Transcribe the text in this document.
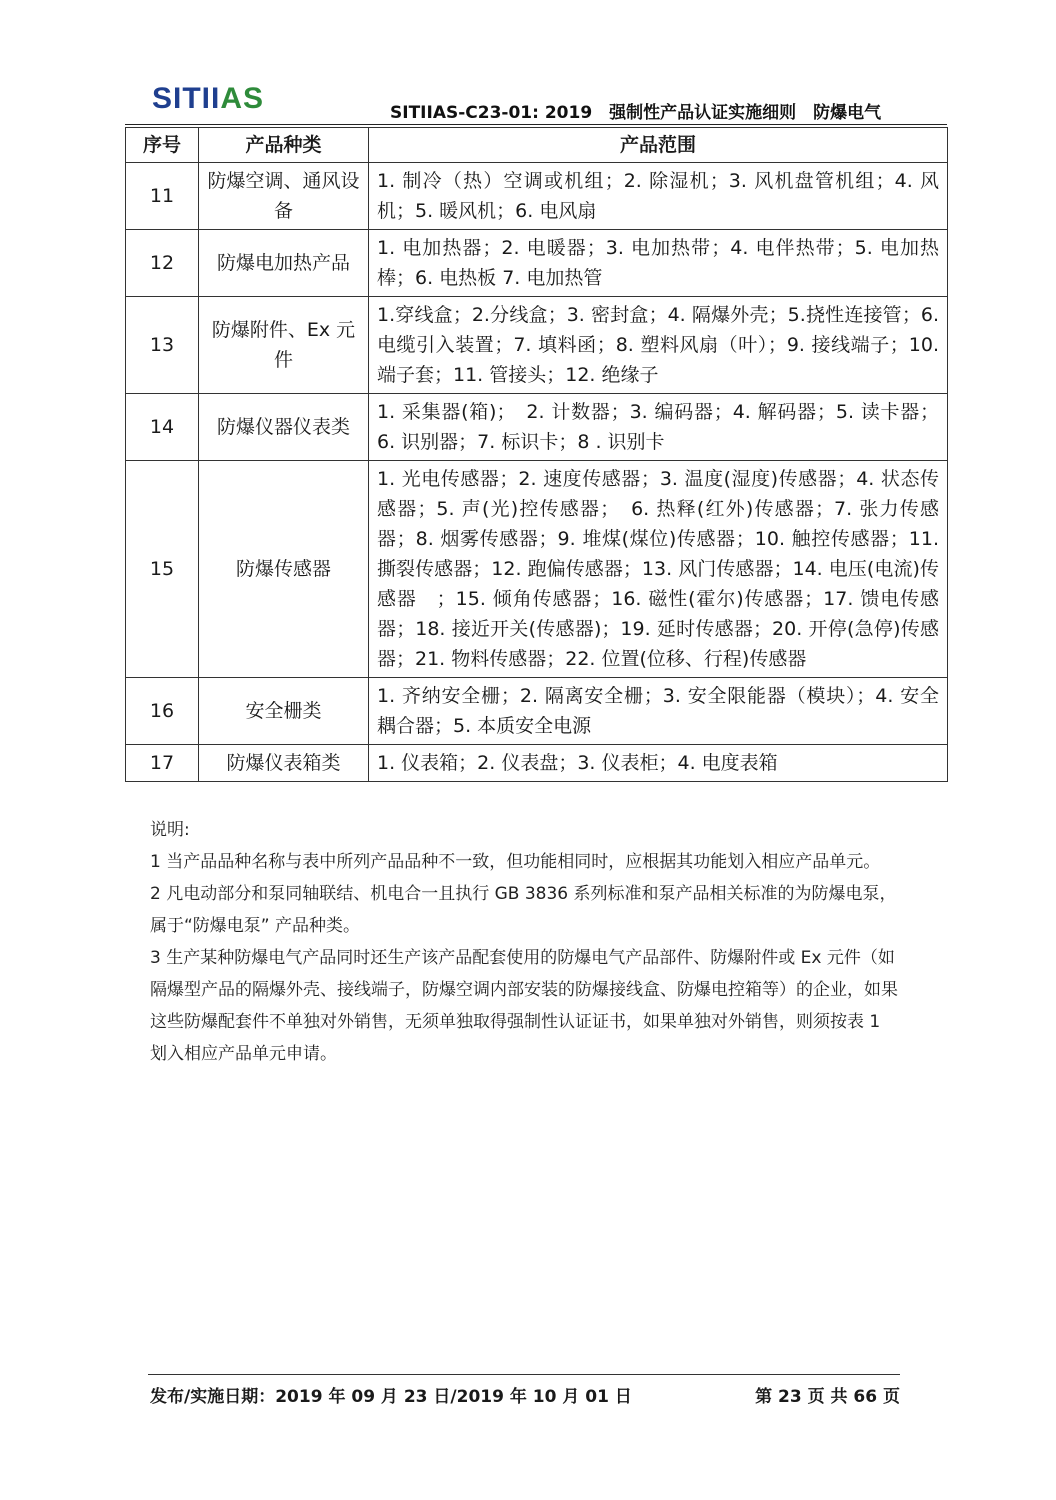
SITIIAS	SITIIAS-C23-01: 2019　强制性产品认证实施细则　防爆电气
序号	产品种类	产品范围
11	防爆空调、通风设备	1. 制冷（热）空调或机组；2. 除湿机；3. 风机盘管机组；4. 风机；5. 暖风机；6. 电风扇
12	防爆电加热产品	1. 电加热器；2. 电暖器；3. 电加热带；4. 电伴热带；5. 电加热棒；6. 电热板 7. 电加热管
13	防爆附件、Ex 元件	1.穿线盒；2.分线盒；3. 密封盒；4. 隔爆外壳；5.挠性连接管；6. 电缆引入装置；7. 填料函；8. 塑料风扇（叶）；9. 接线端子；10. 端子套；11. 管接头；12. 绝缘子
14	防爆仪器仪表类	1. 采集器(箱)；　2. 计数器；3. 编码器；4. 解码器；5. 读卡器；6. 识别器；7. 标识卡；8 . 识别卡
15	防爆传感器	1. 光电传感器；2. 速度传感器；3. 温度(湿度)传感器；4. 状态传感器；5. 声(光)控传感器；　6. 热释(红外)传感器；7. 张力传感器；8. 烟雾传感器；9. 堆煤(煤位)传感器；10. 触控传感器；11. 撕裂传感器；12. 跑偏传感器；13. 风门传感器；14. 电压(电流)传感器　；15. 倾角传感器；16. 磁性(霍尔)传感器；17. 馈电传感器；18. 接近开关(传感器)；19. 延时传感器；20. 开停(急停)传感器；21. 物料传感器；22. 位置(位移、行程)传感器
16	安全栅类	1. 齐纳安全栅；2. 隔离安全栅；3. 安全限能器（模块）；4. 安全耦合器；5. 本质安全电源
17	防爆仪表箱类	1. 仪表箱；2. 仪表盘；3. 仪表柜；4. 电度表箱

说明:

1 当产品品种名称与表中所列产品品种不一致，但功能相同时，应根据其功能划入相应产品单元。

2 凡电动部分和泵同轴联结、机电合一且执行 GB 3836 系列标准和泵产品相关标准的为防爆电泵，属于“防爆电泵” 产品种类。

3 生产某种防爆电气产品同时还生产该产品配套使用的防爆电气产品部件、防爆附件或 Ex 元件（如隔爆型产品的隔爆外壳、接线端子，防爆空调内部安装的防爆接线盒、防爆电控箱等）的企业，如果这些防爆配套件不单独对外销售，无须单独取得强制性认证证书，如果单独对外销售，则须按表 1 划入相应产品单元申请。

发布/实施日期：2019 年 09 月 23 日/2019 年 10 月 01 日	第 23 页 共 66 页
